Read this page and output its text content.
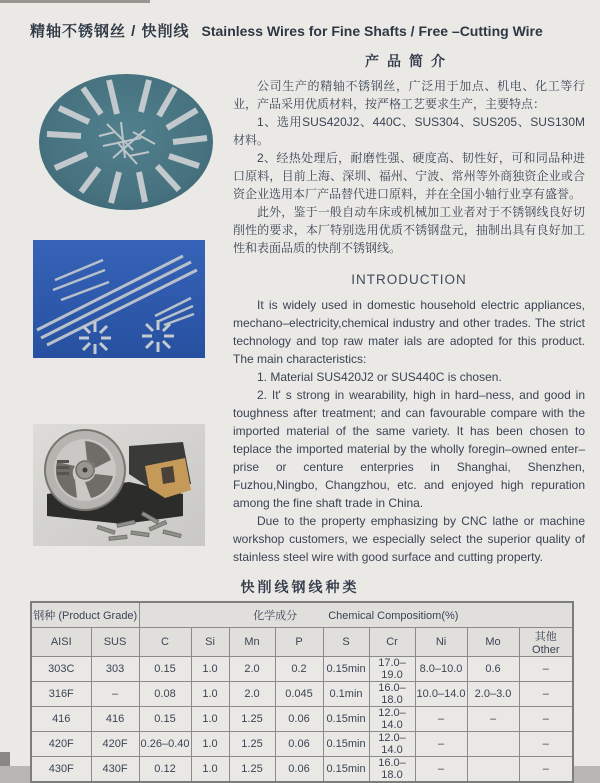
精轴不锈钢丝 / 快削线 Stainless Wires for Fine Shafts / Free –Cutting Wire
产品简介

公司生产的精轴不锈钢丝，广泛用于加点、机电、化工等行业，产品采用优质材料，按严格工艺要求生产，主要特点：

1、选用SUS420J2、440C、SUS304、SUS205、SUS130M材料。

2、经热处理后，耐磨性强、硬度高、韧性好，可和同品种进口原料，目前上海、深圳、福州、宁波、常州等外商独资企业或合资企业选用本厂产品替代进口原料，并在全国小轴行业享有盛誉。

此外，鉴于一般自动车床或机械加工业者对于不锈钢线良好切削性的要求，本厂特别选用优质不锈钢盘元，抽制出具有良好加工性和表面品质的快削不锈钢线。

INTRODUCTION

It is widely used in domestic household electric appliances, mechano–electricity,chemical industry and other trades. The strict technology and top raw mater ials are adopted for this product. The main characteristics:

1. Material SUS420J2 or SUS440C is chosen.

2. It' s strong in wearability, high in hard–ness, and good in toughness after treatment; and can favourable compare with the imported material of the same variety. It has been chosen to teplace the imported material by the wholly foregin–owned enter–prise or centure enterpries in Shanghai, Shenzhen, Fuzhou,Ningbo, Changzhou, etc. and enjoyed high repuration among the fine shaft trade in China.

Due to the property emphasizing by CNC lathe or machine workshop customers, we especially select the superior quality of stainless steel wire with good surface and cutting property.

快削线钢线种类
钢种 (Product Grade)		化学成分 Chemical Compositiom(%)								
AISI	SUS	C	Si	Mn	P	S	Cr	Ni	Mo	其他 Other
303C	303	0.15	1.0	2.0	0.2	0.15min	17.0–19.0	8.0–10.0	0.6	–
316F	–	0.08	1.0	2.0	0.045	0.1min	16.0–18.0	10.0–14.0	2.0–3.0	–
416	416	0.15	1.0	1.25	0.06	0.15min	12.0–14.0	–	–	–
420F	420F	0.26–0.40	1.0	1.25	0.06	0.15min	12.0–14.0	–		–
430F	430F	0.12	1.0	1.25	0.06	0.15min	16.0–18.0	–		–
